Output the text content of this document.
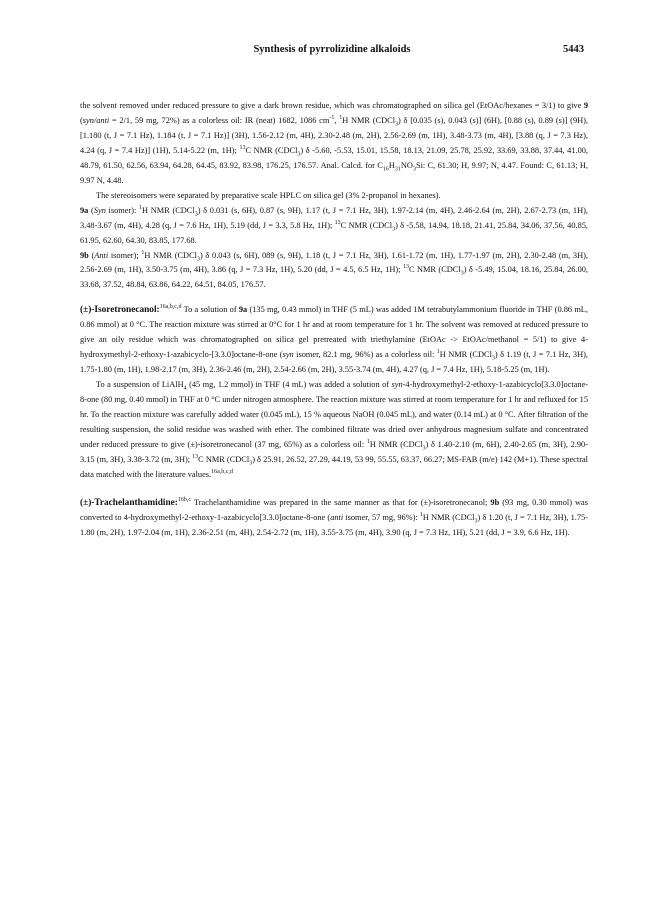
Synthesis of pyrrolizidine alkaloids	5443

the solvent removed under reduced pressure to give a dark brown residue, which was chromatographed on silica gel (EtOAc/hexanes = 3/1) to give 9 (syn/anti = 2/1, 59 mg, 72%) as a colorless oil: IR (neat) 1682, 1086 $cm^{-1}$, $^1$H NMR (CDCl$_3$) δ [0.035 (s), 0.043 (s)] (6H), [0.88 (s), 0.89 (s)] (9H), [1.180 (t, J = 7.1 Hz), 1.184 (t, J = 7.1 Hz)] (3H), 1.56-2.12 (m, 4H), 2.30-2.48 (m, 2H), 2.56-2.69 (m, 1H), 3.48-3.73 (m, 4H), [3.88 (q, J = 7.3 Hz), 4.24 (q, J = 7.4 Hz)] (1H), 5.14-5.22 (m, 1H); $^{13}$C NMR (CDCl$_3$) δ -5.60, -5.53, 15.01, 15.58, 18.13, 21.09, 25.78, 25.92, 33.69, 33.88, 37.44, 41.00, 48.79, 61.50, 62.56, 63.94, 64.28, 64.45, 83.92, 83.98, 176.25, 176.57. Anal. Calcd. for $C_{16}H_{31}NO_3Si$: C, 61.30; H, 9.97; N, 4.47. Found: C, 61.13; H, 9.97 N, 4.48.

The stereoisomers were separated by preparative scale HPLC on silica gel (3% 2-propanol in hexanes).

9a (Syn isomer): $^1$H NMR (CDCl$_3$) δ 0.031 (s, 6H), 0.87 (s, 9H), 1.17 (t, J = 7.1 Hz, 3H), 1.97-2.14 (m, 4H), 2.46-2.64 (m, 2H), 2.67-2.73 (m, 1H), 3.48-3.67 (m, 4H), 4.28 (q, J = 7.6 Hz, 1H), 5.19 (dd, J = 3.3, 5.8 Hz, 1H); $^{13}$C NMR (CDCl$_3$) δ -5.58, 14.94, 18.18, 21.41, 25.84, 34.06, 37.56, 40.85, 61.95, 62.60, 64.30, 83.85, 177.68.

9b (Anti isomer); $^1$H NMR (CDCl$_3$) δ 0.043 (s, 6H), 089 (s, 9H), 1.18 (t, J = 7.1 Hz, 3H), 1.61-1.72 (m, 1H), 1.77-1.97 (m, 2H), 2.30-2.48 (m, 3H), 2.56-2.69 (m, 1H), 3.50-3.75 (m, 4H), 3.86 (q, J = 7.3 Hz, 1H), 5.20 (dd, J = 4.5, 6.5 Hz, 1H); $^{13}$C NMR (CDCl$_3$) δ -5.49, 15.04, 18.16, 25.84, 26.00, 33.68, 37.52, 48.84, 63.86, 64.22, 64.51, 84.05, 176.57.

(±)-Isoretronecanol:$^{16a,b,c,d}$ To a solution of 9a (135 mg, 0.43 mmol) in THF (5 mL) was added 1M tetrabutylammonium fluoride in THF (0.86 mL, 0.86 mmol) at 0 °C. The reaction mixture was stirred at 0°C for 1 hr and at room temperature for 1 hr. The solvent was removed at reduced pressure to give an oily residue which was chromatographed on silica gel pretreated with triethylamine (EtOAc -> EtOAc/methanol = 5/1) to give 4-hydroxymethyl-2-ethoxy-1-azabicyclo-[3.3.0]octane-8-one (syn isomer, 82.1 mg, 96%) as a colorless oil: $^1$H NMR (CDCl$_3$) δ 1.19 (t, J = 7.1 Hz, 3H), 1.75-1.80 (m, 1H), 1.98-2.17 (m, 3H), 2.36-2.46 (m, 2H), 2.54-2.66 (m, 2H), 3.55-3.74 (m, 4H), 4.27 (q, J = 7.4 Hz, 1H), 5.18-5.25 (m, 1H).

To a suspension of LiAlH$_4$ (45 mg, 1.2 mmol) in THF (4 mL) was added a solution of syn-4-hydroxymethyl-2-ethoxy-1-azabicyclo[3.3.0]octane-8-one (80 mg, 0.40 mmol) in THF at 0 °C under nitrogen atmosphere. The reaction mixture was stirred at room temperature for 1 hr and refluxed for 15 hr. To the reaction mixture was carefully added water (0.045 mL), 15 % aqueous NaOH (0.045 mL), and water (0.14 mL) at 0 °C. After filtration of the resulting suspension, the solid residue was washed with ether. The combined filtrate was dried over anhydrous magnesium sulfate and concentrated under reduced pressure to give (±)-isoretronecanol (37 mg, 65%) as a colorless oil: $^1$H NMR (CDCl$_3$) δ 1.40-2.10 (m, 6H), 2.40-2.65 (m, 3H), 2.90-3.15 (m, 3H), 3.38-3.72 (m, 3H); $^{13}$C NMR (CDCl$_3$) δ 25.91, 26.52, 27.29, 44.19, 53 99, 55.55, 63.37, 66.27; MS-FAB (m/e) 142 (M+1). These spectral data matched with the literature values.$^{16a,b,c,d}$

(±)-Trachelanthamidine:$^{16b,c}$ Trachelanthamidine was prepared in the same manner as that for (±)-isoretronecanol; 9b (93 mg, 0.30 mmol) was converted to 4-hydroxymethyl-2-ethoxy-1-azabicyclo[3.3.0]octane-8-one (anti isomer, 57 mg, 96%): $^1$H NMR (CDCl$_3$) δ 1.20 (t, J = 7.1 Hz, 3H), 1.75-1.80 (m, 2H), 1.97-2.04 (m, 1H), 2.36-2.51 (m, 4H), 2.54-2.72 (m, 1H), 3.55-3.75 (m, 4H), 3.90 (q, J = 7.3 Hz, 1H), 5.21 (dd, J = 3.9, 6.6 Hz, 1H).
